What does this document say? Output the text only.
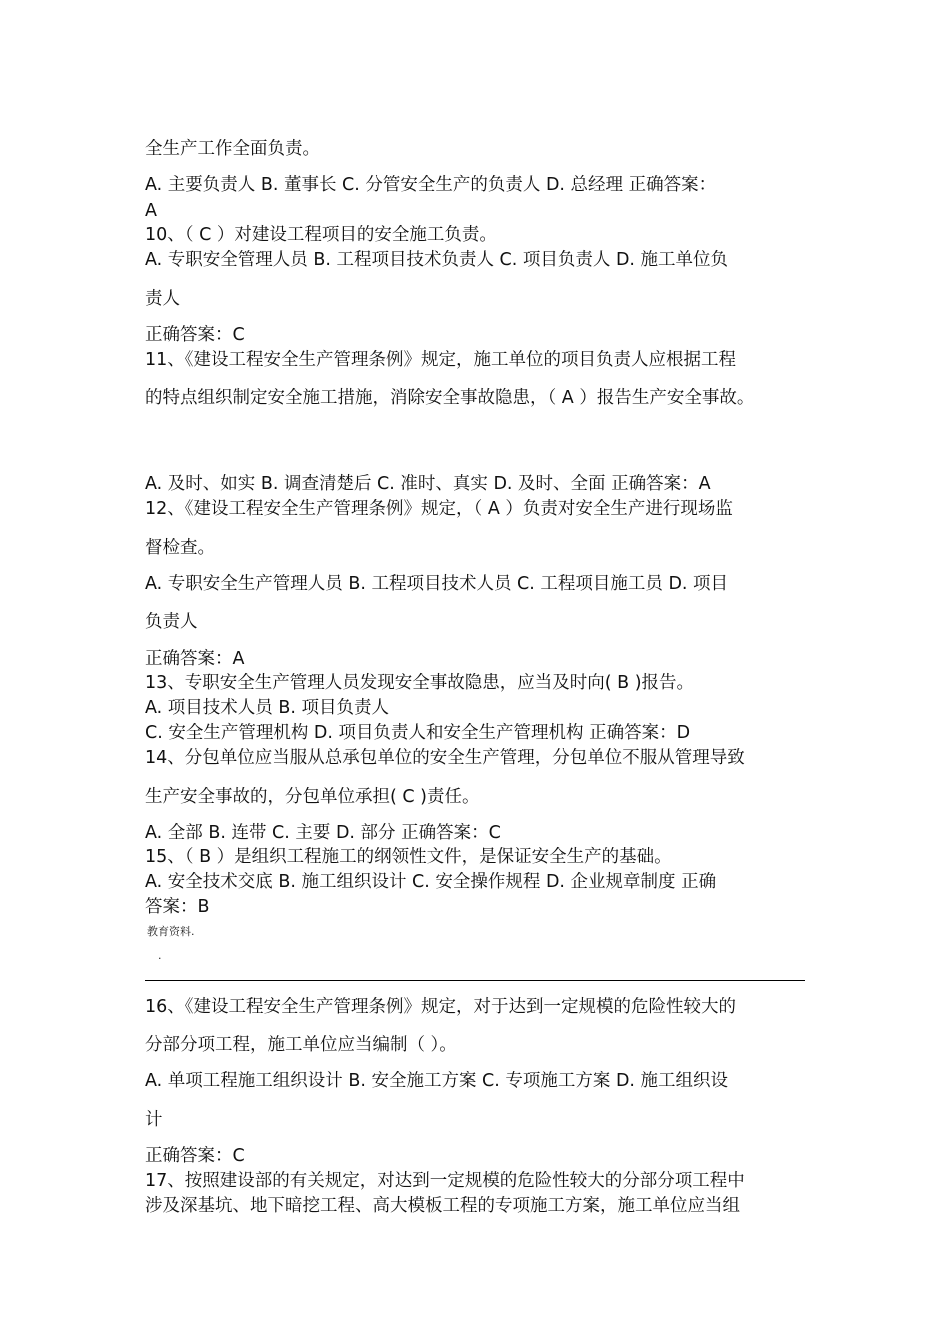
全生产工作全面负责。
A. 主要负责人 B. 董事长 C. 分管安全生产的负责人 D. 总经理 正确答案：
A
10、（ C ）对建设工程项目的安全施工负责。
A. 专职安全管理人员 B. 工程项目技术负责人 C. 项目负责人 D. 施工单位负
责人
正确答案：C
11、《建设工程安全生产管理条例》规定，施工单位的项目负责人应根据工程
的特点组织制定安全施工措施，消除安全事故隐患，（ A ）报告生产安全事故。
A. 及时、如实 B. 调查清楚后 C. 准时、真实 D. 及时、全面 正确答案：A
12、《建设工程安全生产管理条例》规定，（ A ）负责对安全生产进行现场监
督检查。
A. 专职安全生产管理人员 B. 工程项目技术人员 C. 工程项目施工员 D. 项目
负责人
正确答案：A
13、专职安全生产管理人员发现安全事故隐患，应当及时向( B )报告。
A. 项目技术人员 B. 项目负责人
C. 安全生产管理机构 D. 项目负责人和安全生产管理机构 正确答案：D
14、分包单位应当服从总承包单位的安全生产管理，分包单位不服从管理导致
生产安全事故的，分包单位承担( C )责任。
A. 全部 B. 连带 C. 主要 D. 部分 正确答案：C
15、（ B ）是组织工程施工的纲领性文件，是保证安全生产的基础。
A. 安全技术交底 B. 施工组织设计 C. 安全操作规程 D. 企业规章制度 正确
答案：B
教育资料.
.
16、《建设工程安全生产管理条例》规定，对于达到一定规模的危险性较大的
分部分项工程，施工单位应当编制（ ）。
A. 单项工程施工组织设计 B. 安全施工方案 C. 专项施工方案 D. 施工组织设
计
正确答案：C
17、按照建设部的有关规定，对达到一定规模的危险性较大的分部分项工程中
涉及深基坑、地下暗挖工程、高大模板工程的专项施工方案，施工单位应当组
